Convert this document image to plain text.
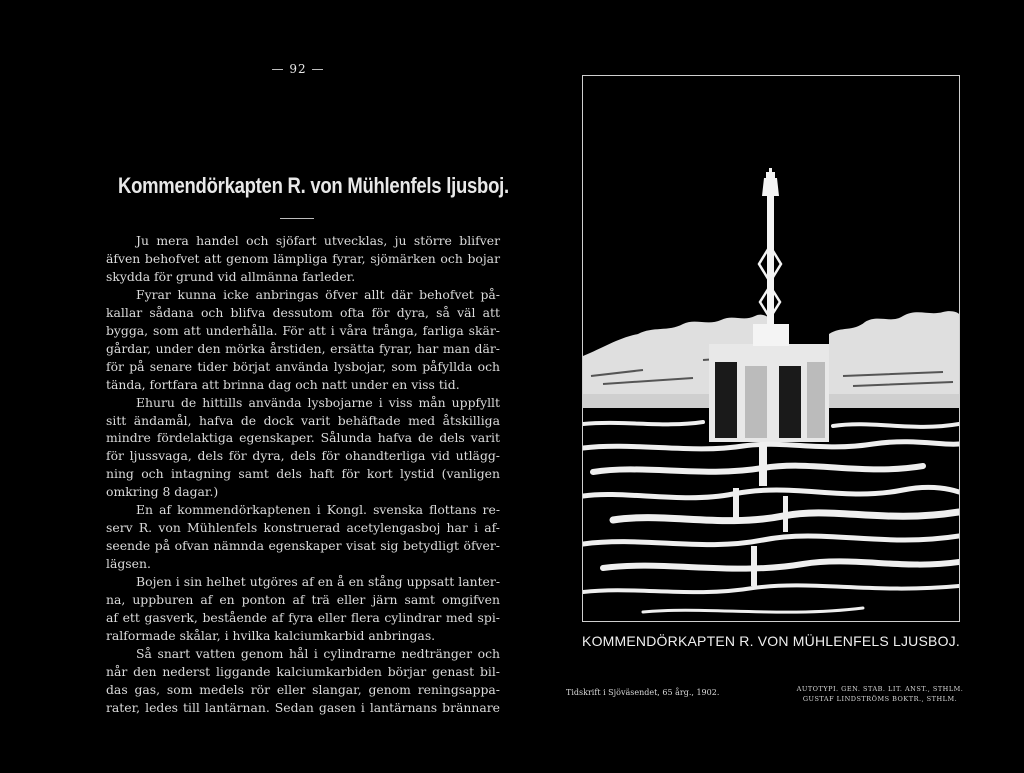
— 92 —
Kommendörkapten R. von Mühlenfels ljusboj.
Ju mera handel och sjöfart utvecklas, ju större blifver
äfven behofvet att genom lämpliga fyrar, sjömärken och bojar
skydda för grund vid allmänna farleder.
Fyrar kunna icke anbringas öfver allt där behofvet på-
kallar sådana och blifva dessutom ofta för dyra, så väl att
bygga, som att underhålla. För att i våra trånga, farliga skär-
gårdar, under den mörka årstiden, ersätta fyrar, har man där-
för på senare tider börjat använda lysbojar, som påfyllda och
tända, fortfara att brinna dag och natt under en viss tid.
Ehuru de hittills använda lysbojarne i viss mån uppfyllt
sitt ändamål, hafva de dock varit behäftade med åtskilliga
mindre fördelaktiga egenskaper. Sålunda hafva de dels varit
för ljussvaga, dels för dyra, dels för ohandterliga vid utlägg-
ning och intagning samt dels haft för kort lystid (vanligen
omkring 8 dagar.)
En af kommendörkaptenen i Kongl. svenska flottans re-
serv R. von Mühlenfels konstruerad acetylengasboj har i af-
seende på ofvan nämnda egenskaper visat sig betydligt öfver-
lägsen.
Bojen i sin helhet utgöres af en å en stång uppsatt lanter-
na, uppburen af en ponton af trä eller järn samt omgifven
af ett gasverk, bestående af fyra eller flera cylindrar med spi-
ralformade skålar, i hvilka kalciumkarbid anbringas.
Så snart vatten genom hål i cylindrarne nedtränger och
når den nederst liggande kalciumkarbiden börjar genast bil-
das gas, som medels rör eller slangar, genom reningsappa-
rater, ledes till lantärnan. Sedan gasen i lantärnans brännare
KOMMENDÖRKAPTEN R. VON MÜHLENFELS LJUSBOJ.
Tidskrift i Sjöväsendet, 65 årg., 1902.	AUTOTYPI. GEN. STAB. LIT. ANST., STHLM.
GUSTAF LINDSTRÖMS BOKTR., STHLM.
